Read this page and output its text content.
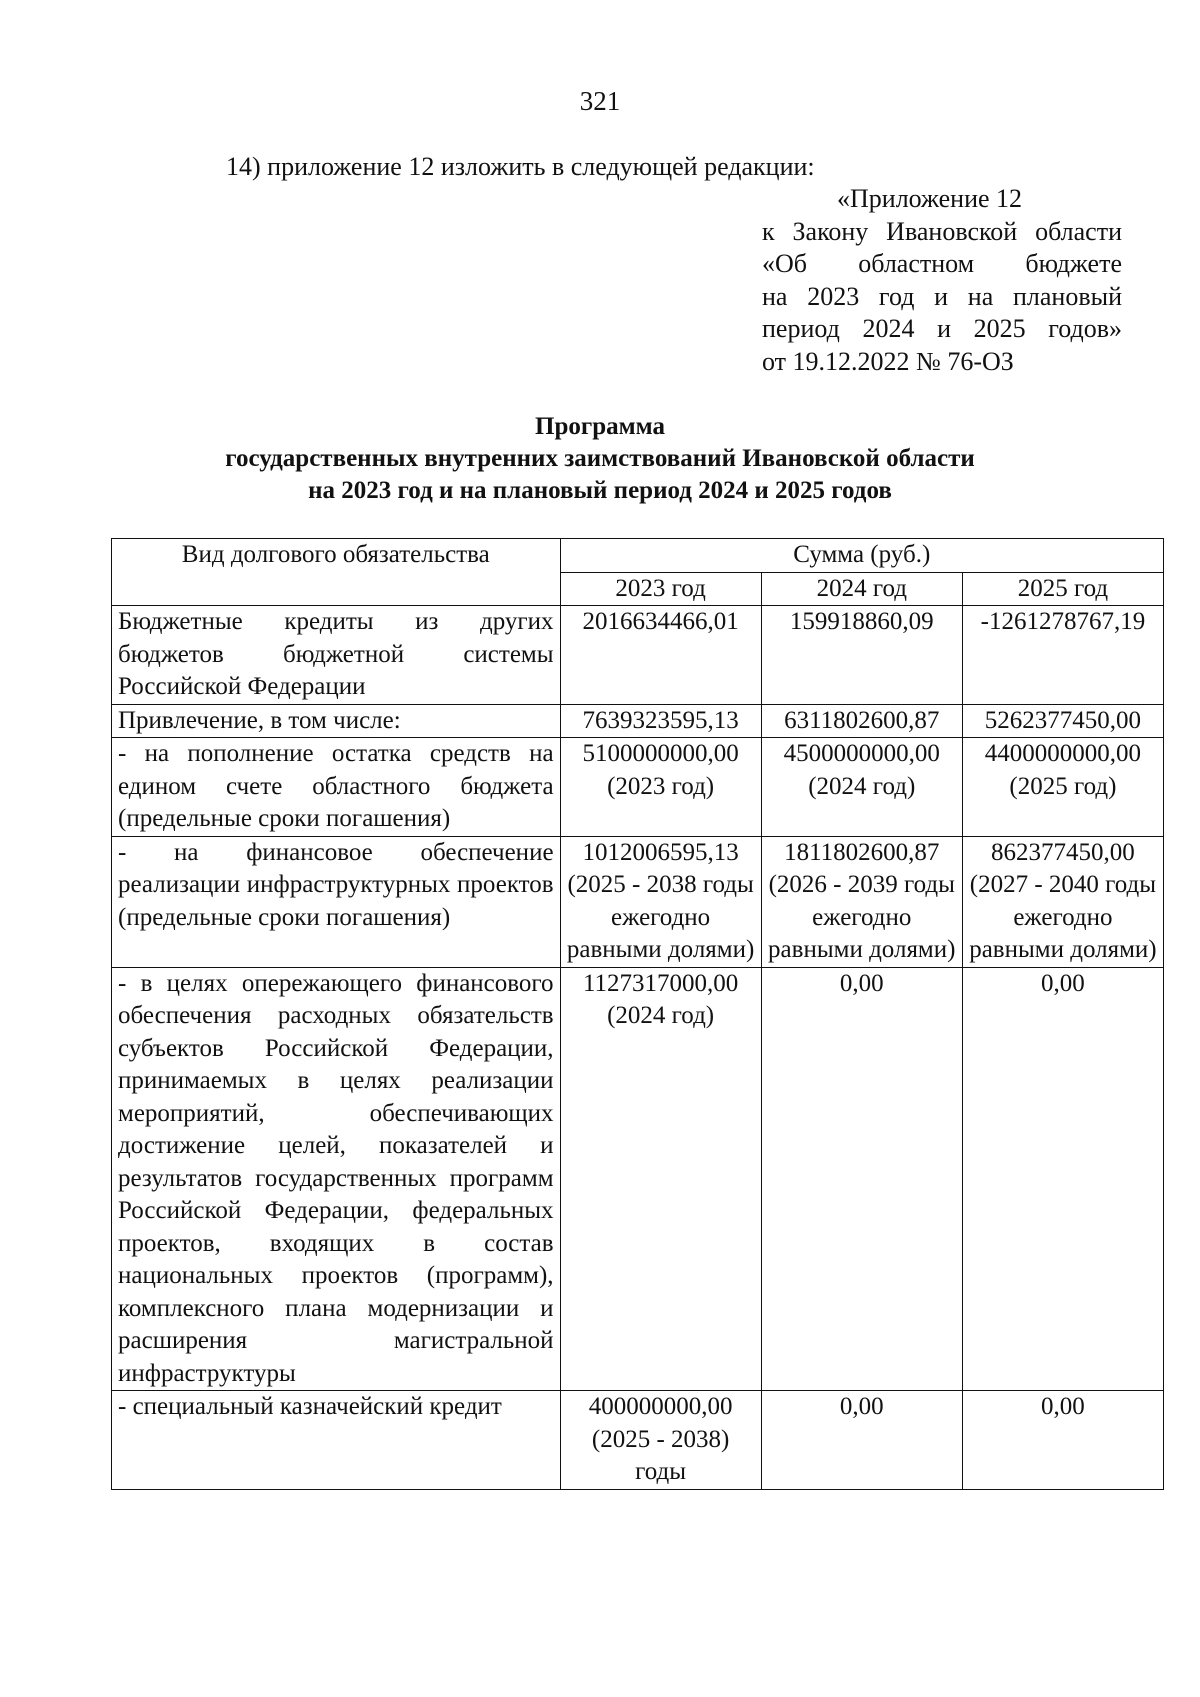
321
14) приложение 12 изложить в следующей редакции:
«Приложение 12
к Закону Ивановской области
«Об областном бюджете
на 2023 год и на плановый
период 2024 и 2025 годов»
от 19.12.2022 № 76-ОЗ
Программа
государственных внутренних заимствований Ивановской области
на 2023 год и на плановый период 2024 и 2025 годов
Вид долгового обязательства	Сумма (руб.)		
	2023 год	2024 год	2025 год
Бюджетные кредиты из других бюджетов бюджетной системы Российской Федерации	2016634466,01	159918860,09	-1261278767,19
Привлечение, в том числе:	7639323595,13	6311802600,87	5262377450,00
- на пополнение остатка средств на едином счете областного бюджета (предельные сроки погашения)	5100000000,00 (2023 год)	4500000000,00 (2024 год)	4400000000,00 (2025 год)
- на финансовое обеспечение реализации инфраструктурных проектов (предельные сроки погашения)	1012006595,13 (2025 - 2038 годы ежегодно равными долями)	1811802600,87 (2026 - 2039 годы ежегодно равными долями)	862377450,00 (2027 - 2040 годы ежегодно равными долями)
- в целях опережающего финансового обеспечения расходных обязательств субъектов Российской Федерации, принимаемых в целях реализации мероприятий, обеспечивающих достижение целей, показателей и результатов государственных программ Российской Федерации, федеральных проектов, входящих в состав национальных проектов (программ), комплексного плана модернизации и расширения магистральной инфраструктуры	1127317000,00 (2024 год)	0,00	0,00
- специальный казначейский кредит	400000000,00 (2025 - 2038) годы	0,00	0,00
